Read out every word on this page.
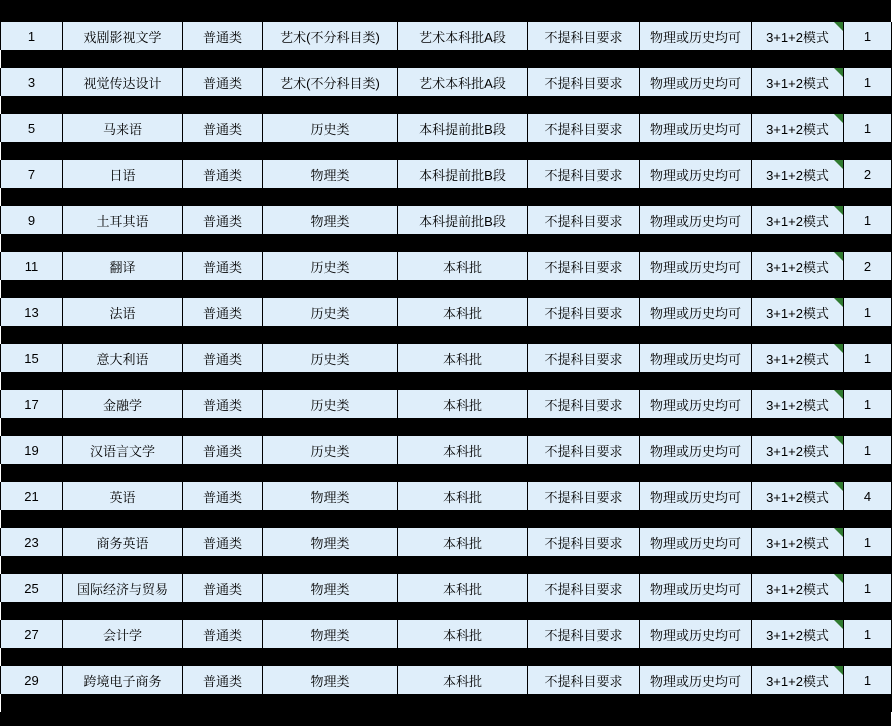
1	戏剧影视文学	普通类	艺术(不分科目类)	艺术本科批A段	不提科目要求	物理或历史均可	3+1+2模式	1

3	视觉传达设计	普通类	艺术(不分科目类)	艺术本科批A段	不提科目要求	物理或历史均可	3+1+2模式	1

5	马来语	普通类	历史类	本科提前批B段	不提科目要求	物理或历史均可	3+1+2模式	1

7	日语	普通类	物理类	本科提前批B段	不提科目要求	物理或历史均可	3+1+2模式	2

9	土耳其语	普通类	物理类	本科提前批B段	不提科目要求	物理或历史均可	3+1+2模式	1

11	翻译	普通类	历史类	本科批	不提科目要求	物理或历史均可	3+1+2模式	2

13	法语	普通类	历史类	本科批	不提科目要求	物理或历史均可	3+1+2模式	1

15	意大利语	普通类	历史类	本科批	不提科目要求	物理或历史均可	3+1+2模式	1

17	金融学	普通类	历史类	本科批	不提科目要求	物理或历史均可	3+1+2模式	1

19	汉语言文学	普通类	历史类	本科批	不提科目要求	物理或历史均可	3+1+2模式	1

21	英语	普通类	物理类	本科批	不提科目要求	物理或历史均可	3+1+2模式	4

23	商务英语	普通类	物理类	本科批	不提科目要求	物理或历史均可	3+1+2模式	1

25	国际经济与贸易	普通类	物理类	本科批	不提科目要求	物理或历史均可	3+1+2模式	1

27	会计学	普通类	物理类	本科批	不提科目要求	物理或历史均可	3+1+2模式	1

29	跨境电子商务	普通类	物理类	本科批	不提科目要求	物理或历史均可	3+1+2模式	1
